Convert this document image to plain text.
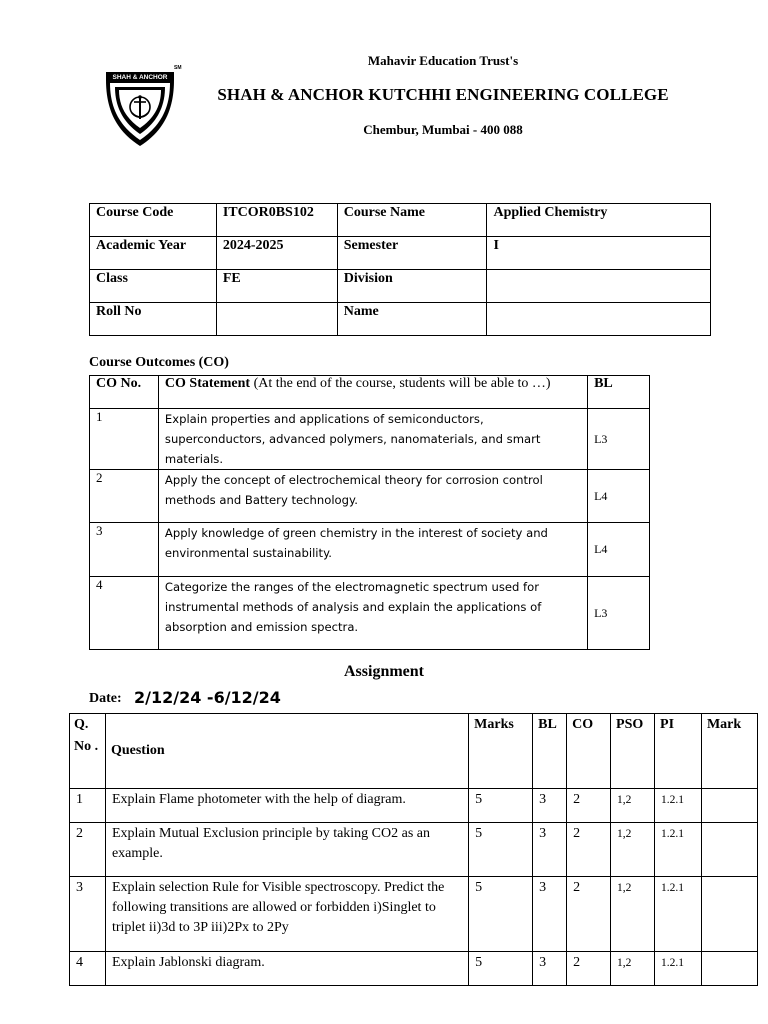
SM
SHAH & ANCHOR
Mahavir Education Trust's
SHAH & ANCHOR KUTCHHI ENGINEERING COLLEGE
Chembur, Mumbai - 400 088
Course Code	ITCOR0BS102	Course Name	Applied Chemistry
Academic Year	2024-2025	Semester	I
Class	FE	Division	
Roll No		Name	
Course Outcomes (CO)
CO No.	CO Statement (At the end of the course, students will be able to …)	BL
1	Explain properties and applications of semiconductors, superconductors, advanced polymers, nanomaterials, and smart materials.	L3
2	Apply the concept of electrochemical theory for corrosion control methods and Battery technology.	L4
3	Apply knowledge of green chemistry in the interest of society and environmental sustainability.	L4
4	Categorize the ranges of the electromagnetic spectrum used for instrumental methods of analysis and explain the applications of absorption and emission spectra.	L3
Assignment
Date: 2/12/24 -6/12/24
Q. No .	Question	Marks	BL	CO	PSO	PI	Mark
1	Explain Flame photometer with the help of diagram.	5	3	2	1,2	1.2.1	
2	Explain Mutual Exclusion principle by taking CO2 as an example.	5	3	2	1,2	1.2.1	
3	Explain selection Rule for Visible spectroscopy. Predict the following transitions are allowed or forbidden i)Singlet to triplet ii)3d to 3P iii)2Px to 2Py	5	3	2	1,2	1.2.1	
4	Explain Jablonski diagram.	5	3	2	1,2	1.2.1	
